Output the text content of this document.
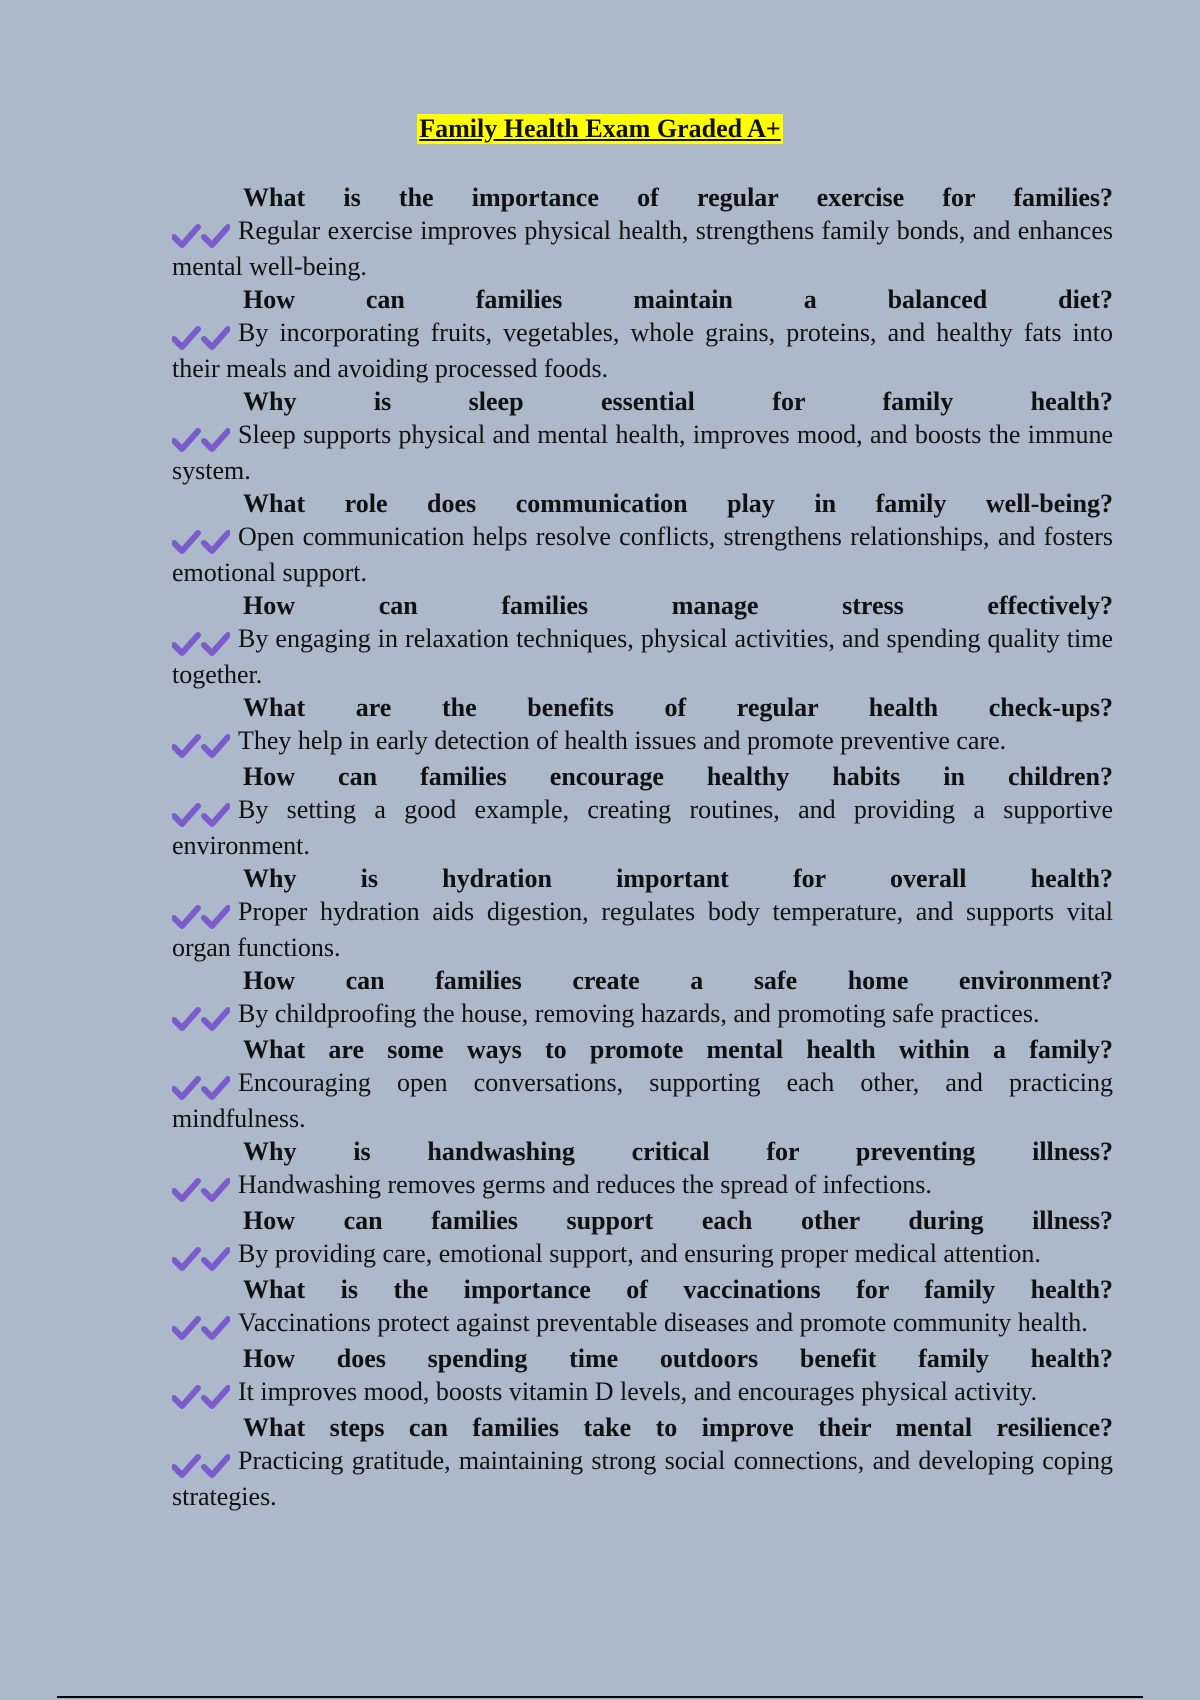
Family Health Exam Graded A+
What is the importance of regular exercise for families?

Regular exercise improves physical health, strengthens family bonds, and enhances mental well-being.

How can families maintain a balanced diet?

By incorporating fruits, vegetables, whole grains, proteins, and healthy fats into their meals and avoiding processed foods.

Why is sleep essential for family health?

Sleep supports physical and mental health, improves mood, and boosts the immune system.

What role does communication play in family well-being?

Open communication helps resolve conflicts, strengthens relationships, and fosters emotional support.

How can families manage stress effectively?

By engaging in relaxation techniques, physical activities, and spending quality time together.

What are the benefits of regular health check-ups?

They help in early detection of health issues and promote preventive care.

How can families encourage healthy habits in children?

By setting a good example, creating routines, and providing a supportive environment.

Why is hydration important for overall health?

Proper hydration aids digestion, regulates body temperature, and supports vital organ functions.

How can families create a safe home environment?

By childproofing the house, removing hazards, and promoting safe practices.

What are some ways to promote mental health within a family?

Encouraging open conversations, supporting each other, and practicing mindfulness.

Why is handwashing critical for preventing illness?

Handwashing removes germs and reduces the spread of infections.

How can families support each other during illness?

By providing care, emotional support, and ensuring proper medical attention.

What is the importance of vaccinations for family health?

Vaccinations protect against preventable diseases and promote community health.

How does spending time outdoors benefit family health?

It improves mood, boosts vitamin D levels, and encourages physical activity.

What steps can families take to improve their mental resilience?

Practicing gratitude, maintaining strong social connections, and developing coping strategies.
